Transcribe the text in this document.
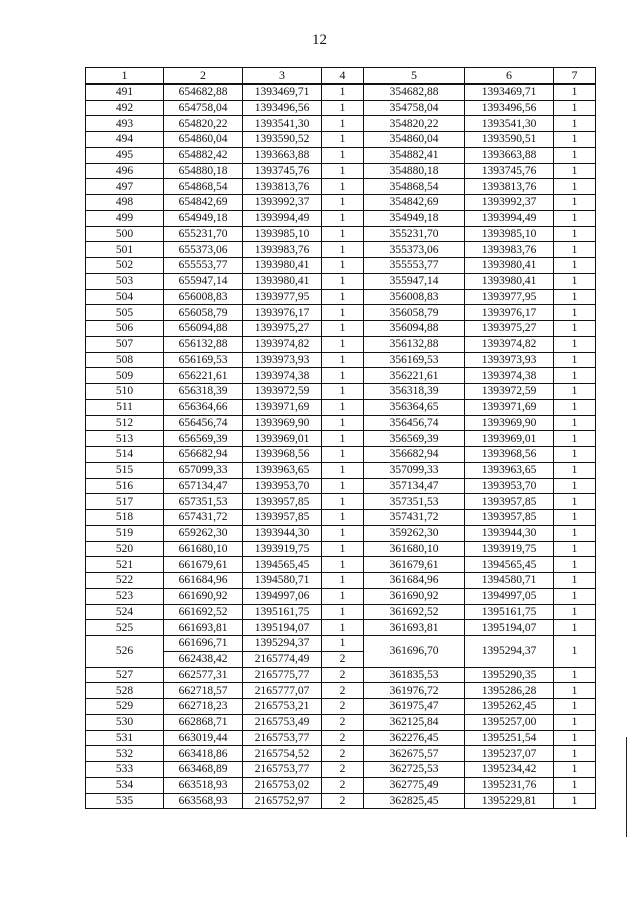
12
1	2	3	4	5	6	7
491	654682,88	1393469,71	1	354682,88	1393469,71	1
492	654758,04	1393496,56	1	354758,04	1393496,56	1
493	654820,22	1393541,30	1	354820,22	1393541,30	1
494	654860,04	1393590,52	1	354860,04	1393590,51	1
495	654882,42	1393663,88	1	354882,41	1393663,88	1
496	654880,18	1393745,76	1	354880,18	1393745,76	1
497	654868,54	1393813,76	1	354868,54	1393813,76	1
498	654842,69	1393992,37	1	354842,69	1393992,37	1
499	654949,18	1393994,49	1	354949,18	1393994,49	1
500	655231,70	1393985,10	1	355231,70	1393985,10	1
501	655373,06	1393983,76	1	355373,06	1393983,76	1
502	655553,77	1393980,41	1	355553,77	1393980,41	1
503	655947,14	1393980,41	1	355947,14	1393980,41	1
504	656008,83	1393977,95	1	356008,83	1393977,95	1
505	656058,79	1393976,17	1	356058,79	1393976,17	1
506	656094,88	1393975,27	1	356094,88	1393975,27	1
507	656132,88	1393974,82	1	356132,88	1393974,82	1
508	656169,53	1393973,93	1	356169,53	1393973,93	1
509	656221,61	1393974,38	1	356221,61	1393974,38	1
510	656318,39	1393972,59	1	356318,39	1393972,59	1
511	656364,66	1393971,69	1	356364,65	1393971,69	1
512	656456,74	1393969,90	1	356456,74	1393969,90	1
513	656569,39	1393969,01	1	356569,39	1393969,01	1
514	656682,94	1393968,56	1	356682,94	1393968,56	1
515	657099,33	1393963,65	1	357099,33	1393963,65	1
516	657134,47	1393953,70	1	357134,47	1393953,70	1
517	657351,53	1393957,85	1	357351,53	1393957,85	1
518	657431,72	1393957,85	1	357431,72	1393957,85	1
519	659262,30	1393944,30	1	359262,30	1393944,30	1
520	661680,10	1393919,75	1	361680,10	1393919,75	1
521	661679,61	1394565,45	1	361679,61	1394565,45	1
522	661684,96	1394580,71	1	361684,96	1394580,71	1
523	661690,92	1394997,06	1	361690,92	1394997,05	1
524	661692,52	1395161,75	1	361692,52	1395161,75	1
525	661693,81	1395194,07	1	361693,81	1395194,07	1
526	661696,71	1395294,37	1	361696,70	1395294,37	1
	662438,42	2165774,49	2			
527	662577,31	2165775,77	2	361835,53	1395290,35	1
528	662718,57	2165777,07	2	361976,72	1395286,28	1
529	662718,23	2165753,21	2	361975,47	1395262,45	1
530	662868,71	2165753,49	2	362125,84	1395257,00	1
531	663019,44	2165753,77	2	362276,45	1395251,54	1
532	663418,86	2165754,52	2	362675,57	1395237,07	1
533	663468,89	2165753,77	2	362725,53	1395234,42	1
534	663518,93	2165753,02	2	362775,49	1395231,76	1
535	663568,93	2165752,97	2	362825,45	1395229,81	1
